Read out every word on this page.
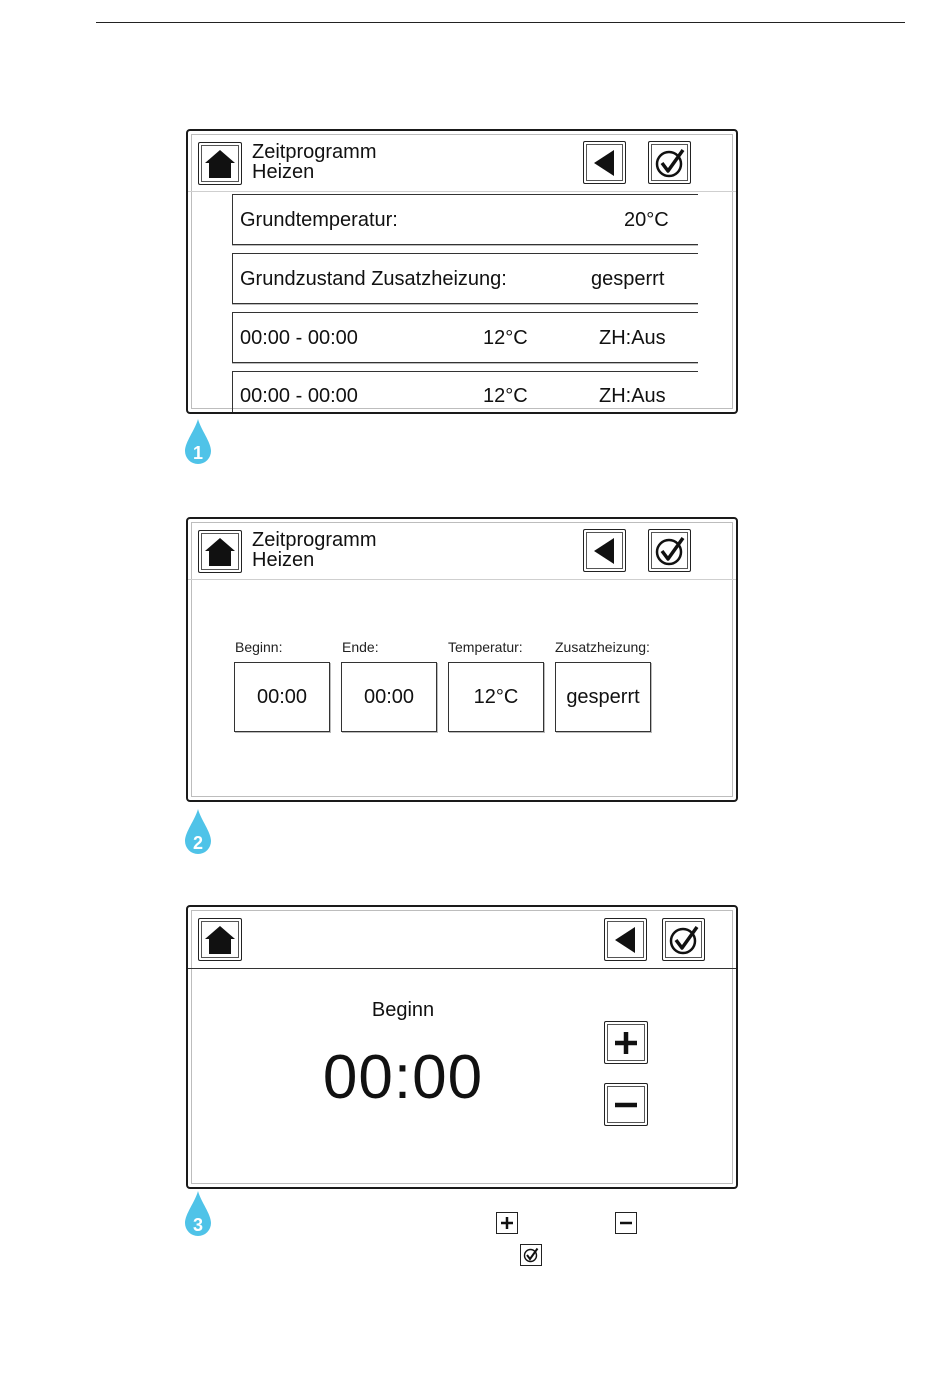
Zeitprogramm
Heizen
Grundtemperatur:	20°C
Grundzustand Zusatzheizung:	gesperrt
00:00 - 00:00	12°C	ZH:Aus
00:00 - 00:00	12°C	ZH:Aus
1
Zeitprogramm
Heizen
Beginn:
00:00
Ende:
00:00
Temperatur:
12°C
Zusatzheizung:
gesperrt
2
Beginn
00:00
3
